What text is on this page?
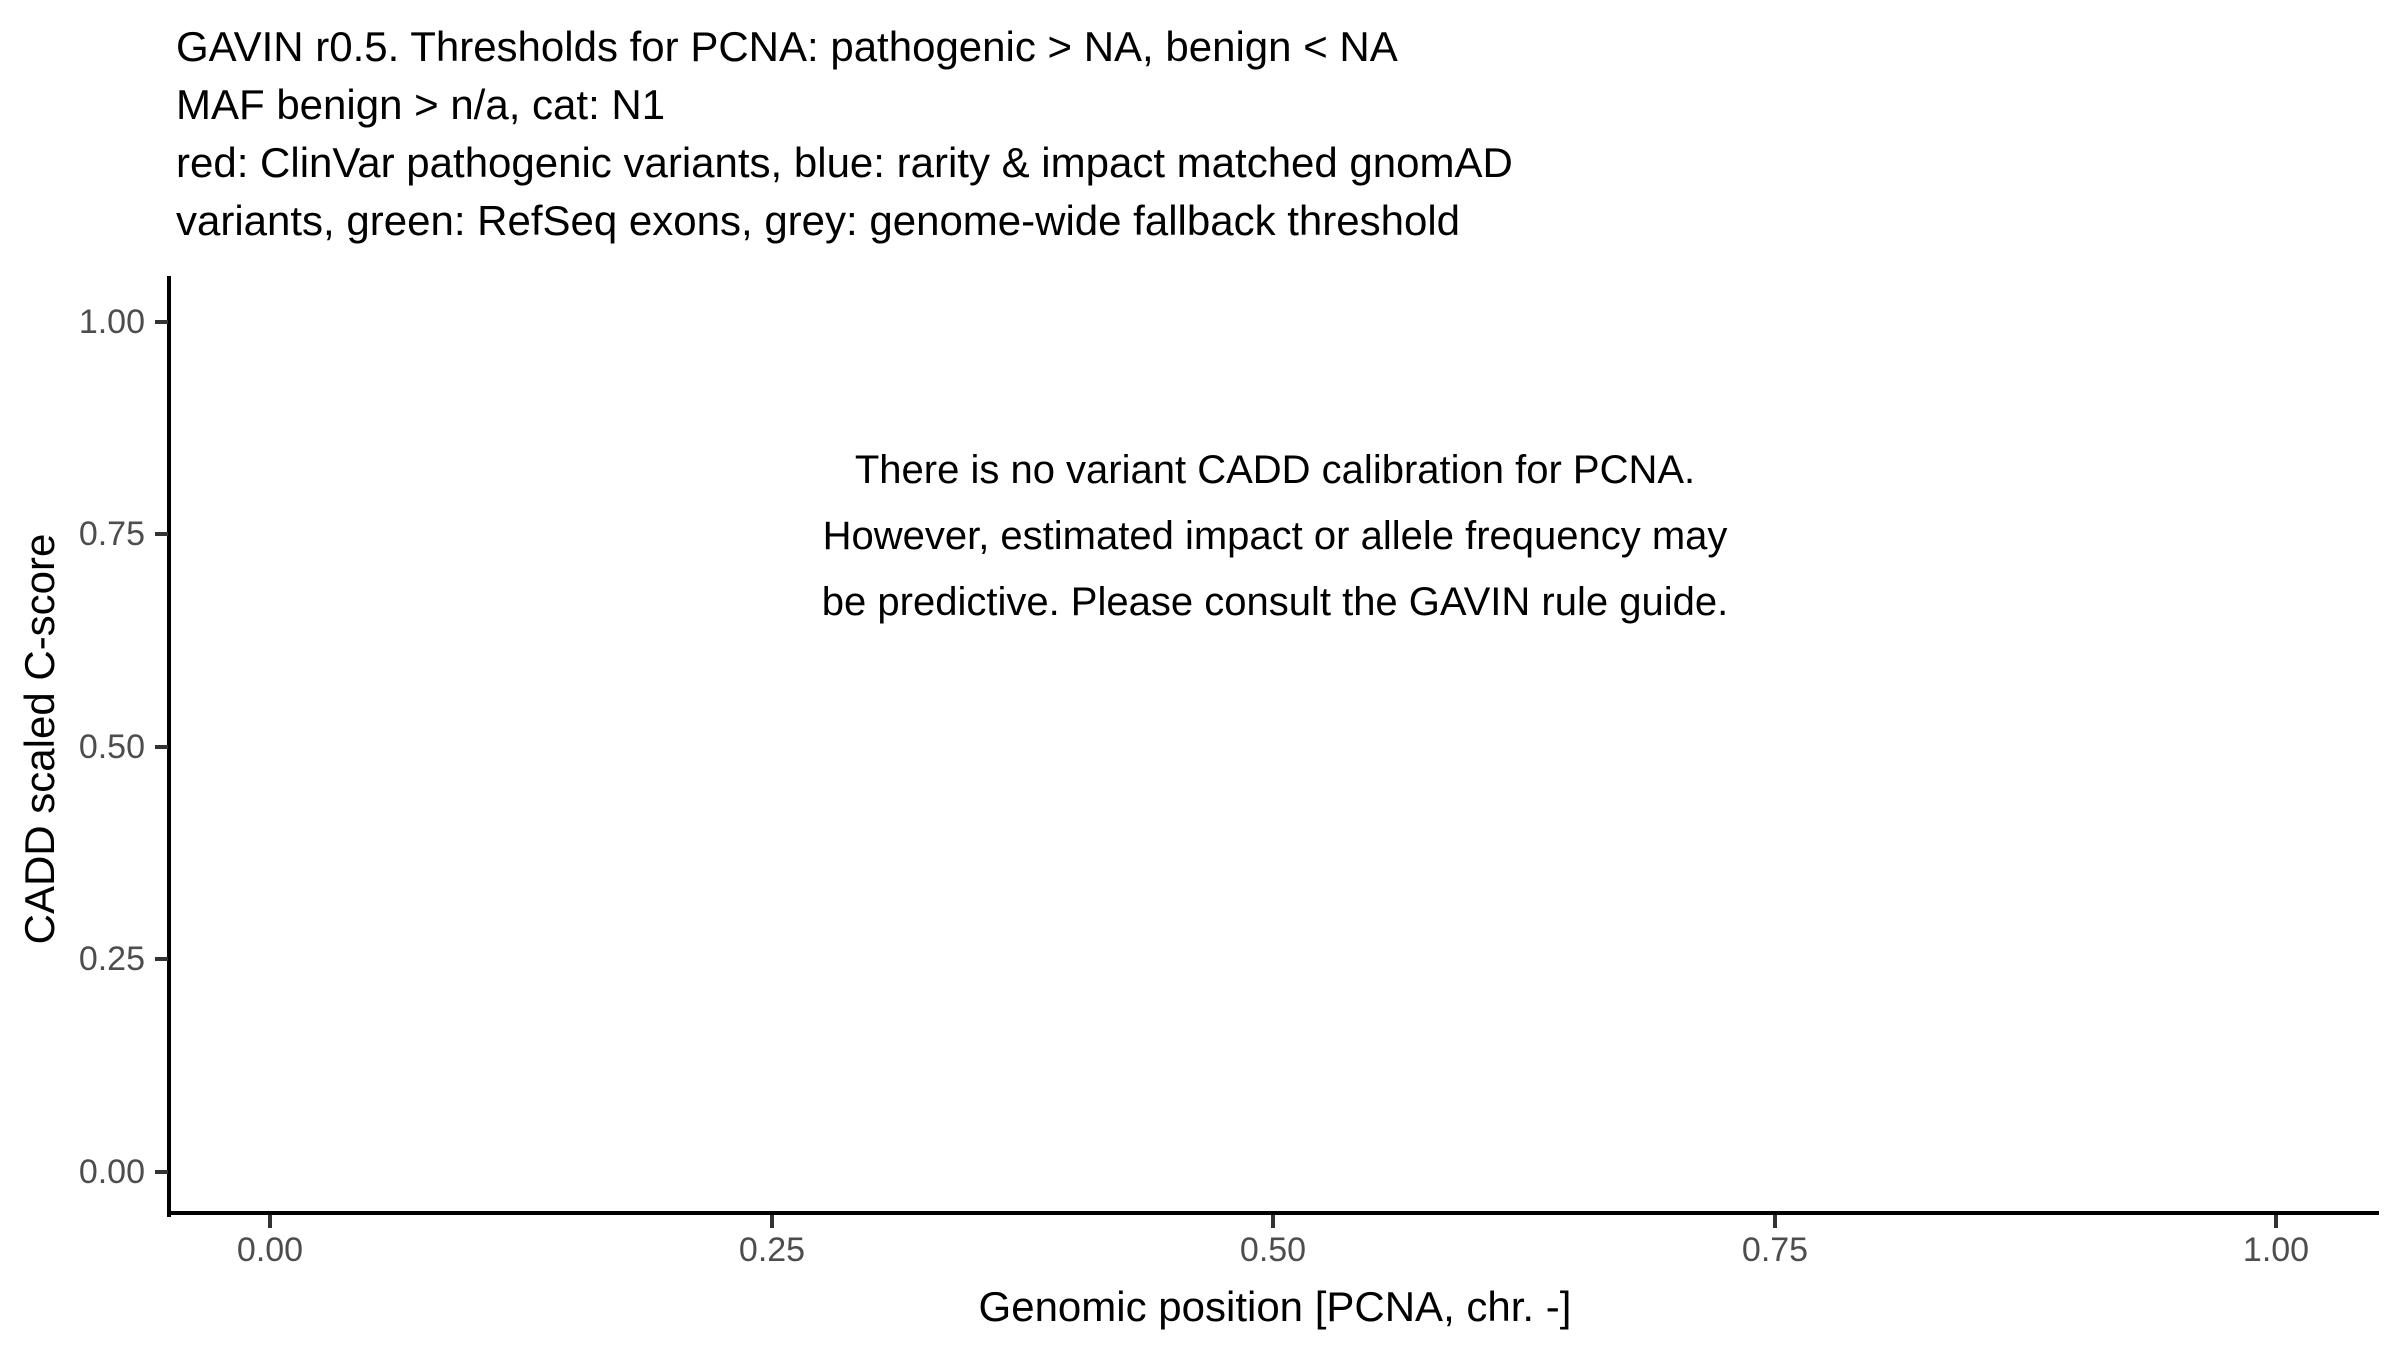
GAVIN r0.5. Thresholds for PCNA: pathogenic > NA, benign < NA
MAF benign > n/a, cat: N1
red: ClinVar pathogenic variants, blue: rarity & impact matched gnomAD
variants, green: RefSeq exons, grey: genome-wide fallback threshold
There is no variant CADD calibration for PCNA.
However, estimated impact or allele frequency may
be predictive. Please consult the GAVIN rule guide.
1.00
0.75
0.50
0.25
0.00
0.00	0.25	0.50	0.75	1.00
CADD scaled C-score
Genomic position [PCNA, chr. -]
